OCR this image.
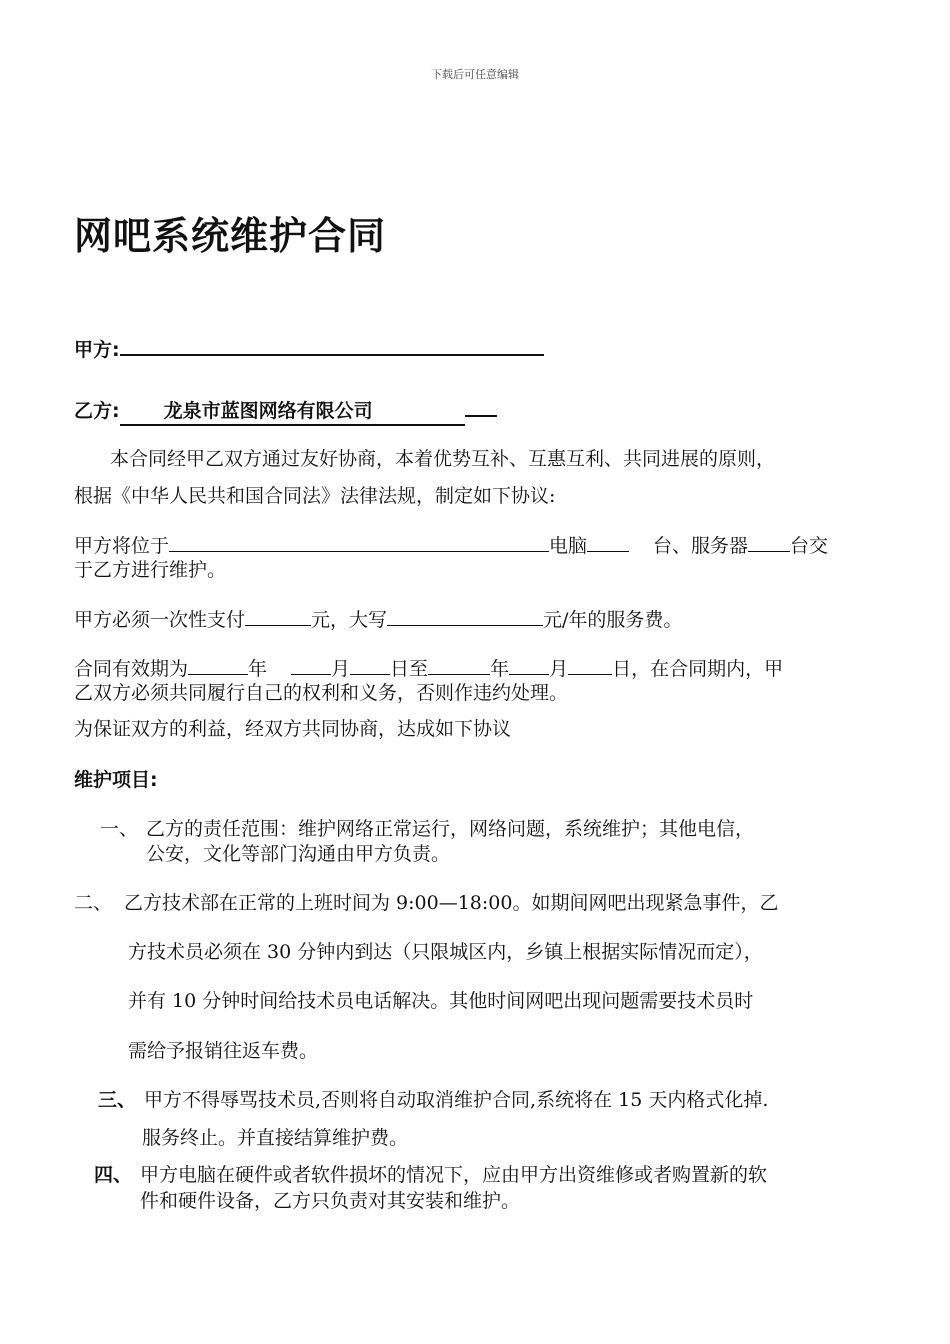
下载后可任意编辑
网吧系统维护合同
甲方:
乙方: 龙泉市蓝图网络有限公司
本合同经甲乙双方通过友好协商，本着优势互补、互惠互利、共同进展的原则，
根据《中华人民共和国合同法》法律法规，制定如下协议:
甲方将位于	电脑	台、服务器 台交
于乙方进行维护。
甲方必须一次性支付	元，大写	元/年的服务费。
合同有效期为	年	月 日至	年 月 日，在合同期内，甲
乙双方必须共同履行自己的权利和义务，否则作违约处理。
为保证双方的利益，经双方共同协商，达成如下协议
维护项目:
一、 乙方的责任范围：维护网络正常运行，网络问题，系统维护；其他电信，
公安，文化等部门沟通由甲方负责。
二、 乙方技术部在正常的上班时间为 9:00—18:00。如期间网吧出现紧急事件，乙
方技术员必须在 30 分钟内到达（只限城区内，乡镇上根据实际情况而定），
并有 10 分钟时间给技术员电话解决。其他时间网吧出现问题需要技术员时
需给予报销往返车费。
三、 甲方不得辱骂技术员,否则将自动取消维护合同,系统将在 15 天内格式化掉.
服务终止。并直接结算维护费。
四、 甲方电脑在硬件或者软件损坏的情况下，应由甲方出资维修或者购置新的软
件和硬件设备，乙方只负责对其安装和维护。
